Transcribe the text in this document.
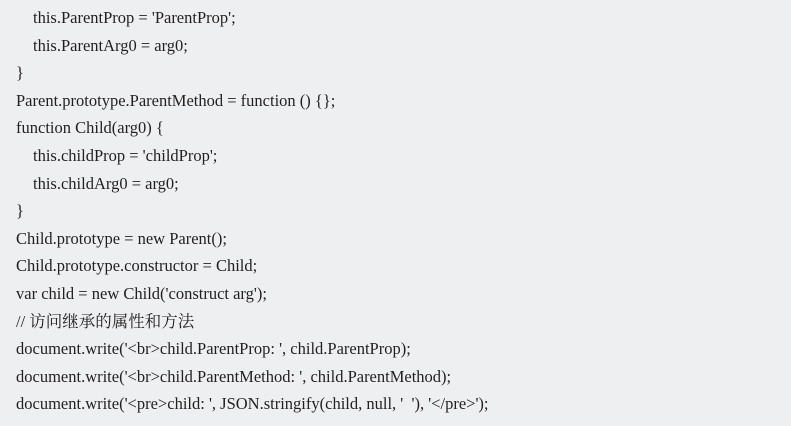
this.ParentProp = 'ParentProp';
this.ParentArg0 = arg0;
}
Parent.prototype.ParentMethod = function () {};
function Child(arg0) {
this.childProp = 'childProp';
this.childArg0 = arg0;
}
Child.prototype = new Parent();
Child.prototype.constructor = Child;
var child = new Child('construct arg');
// 访问继承的属性和方法
document.write('<br>child.ParentProp: ', child.ParentProp);
document.write('<br>child.ParentMethod: ', child.ParentMethod);
document.write('<pre>child: ', JSON.stringify(child, null, '  '), '</pre>');
